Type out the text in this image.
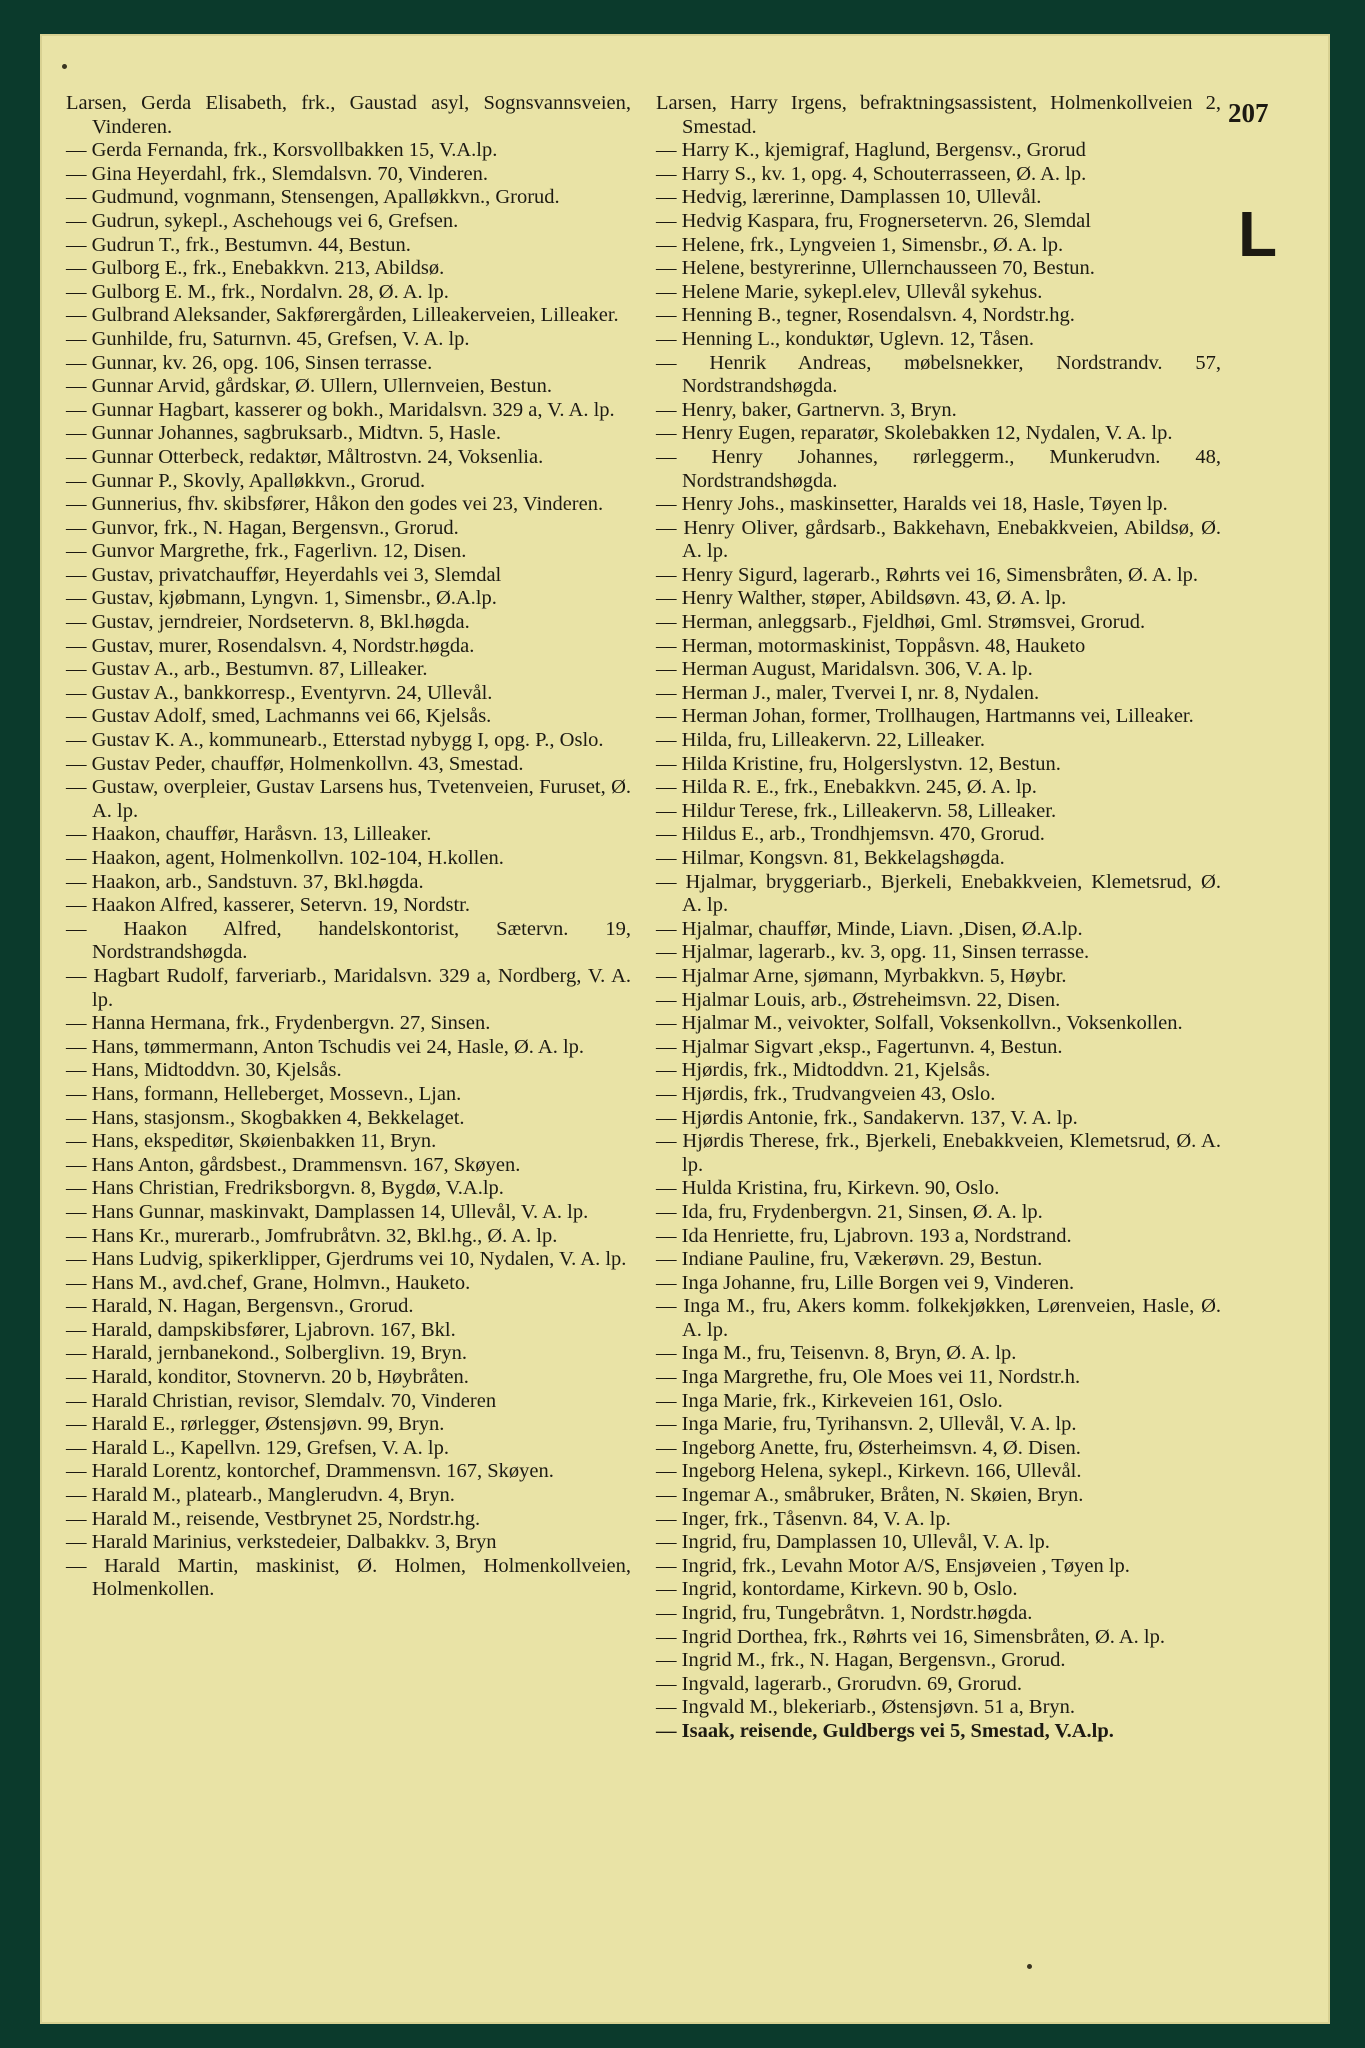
Larsen, Gerda Elisabeth, frk., Gaustad asyl, Sognsvannsveien, Vinderen.
— Gerda Fernanda, frk., Korsvollbakken 15, V.A.lp.
— Gina Heyerdahl, frk., Slemdalsvn. 70, Vinderen.
— Gudmund, vognmann, Stensengen, Apalløkkvn., Grorud.
— Gudrun, sykepl., Aschehougs vei 6, Grefsen.
— Gudrun T., frk., Bestumvn. 44, Bestun.
— Gulborg E., frk., Enebakkvn. 213, Abildsø.
— Gulborg E. M., frk., Nordalvn. 28, Ø. A. lp.
— Gulbrand Aleksander, Sakførergården, Lilleakerveien, Lilleaker.
— Gunhilde, fru, Saturnvn. 45, Grefsen, V. A. lp.
— Gunnar, kv. 26, opg. 106, Sinsen terrasse.
— Gunnar Arvid, gårdskar, Ø. Ullern, Ullernveien, Bestun.
— Gunnar Hagbart, kasserer og bokh., Maridalsvn. 329 a, V. A. lp.
— Gunnar Johannes, sagbruksarb., Midtvn. 5, Hasle.
— Gunnar Otterbeck, redaktør, Måltrostvn. 24, Voksenlia.
— Gunnar P., Skovly, Apalløkkvn., Grorud.
— Gunnerius, fhv. skibsfører, Håkon den godes vei 23, Vinderen.
— Gunvor, frk., N. Hagan, Bergensvn., Grorud.
— Gunvor Margrethe, frk., Fagerlivn. 12, Disen.
— Gustav, privatchauffør, Heyerdahls vei 3, Slemdal
— Gustav, kjøbmann, Lyngvn. 1, Simensbr., Ø.A.lp.
— Gustav, jerndreier, Nordsetervn. 8, Bkl.høgda.
— Gustav, murer, Rosendalsvn. 4, Nordstr.høgda.
— Gustav A., arb., Bestumvn. 87, Lilleaker.
— Gustav A., bankkorresp., Eventyrvn. 24, Ullevål.
— Gustav Adolf, smed, Lachmanns vei 66, Kjelsås.
— Gustav K. A., kommunearb., Etterstad nybygg I, opg. P., Oslo.
— Gustav Peder, chauffør, Holmenkollvn. 43, Smestad.
— Gustaw, overpleier, Gustav Larsens hus, Tvetenveien, Furuset, Ø. A. lp.
— Haakon, chauffør, Haråsvn. 13, Lilleaker.
— Haakon, agent, Holmenkollvn. 102-104, H.kollen.
— Haakon, arb., Sandstuvn. 37, Bkl.høgda.
— Haakon Alfred, kasserer, Setervn. 19, Nordstr.
— Haakon Alfred, handelskontorist, Sætervn. 19, Nordstrandshøgda.
— Hagbart Rudolf, farveriarb., Maridalsvn. 329 a, Nordberg, V. A. lp.
— Hanna Hermana, frk., Frydenbergvn. 27, Sinsen.
— Hans, tømmermann, Anton Tschudis vei 24, Hasle, Ø. A. lp.
— Hans, Midtoddvn. 30, Kjelsås.
— Hans, formann, Helleberget, Mossevn., Ljan.
— Hans, stasjonsm., Skogbakken 4, Bekkelaget.
— Hans, ekspeditør, Skøienbakken 11, Bryn.
— Hans Anton, gårdsbest., Drammensvn. 167, Skøyen.
— Hans Christian, Fredriksborgvn. 8, Bygdø, V.A.lp.
— Hans Gunnar, maskinvakt, Damplassen 14, Ullevål, V. A. lp.
— Hans Kr., murerarb., Jomfrubråtvn. 32, Bkl.hg., Ø. A. lp.
— Hans Ludvig, spikerklipper, Gjerdrums vei 10, Nydalen, V. A. lp.
— Hans M., avd.chef, Grane, Holmvn., Hauketo.
— Harald, N. Hagan, Bergensvn., Grorud.
— Harald, dampskibsfører, Ljabrovn. 167, Bkl.
— Harald, jernbanekond., Solberglivn. 19, Bryn.
— Harald, konditor, Stovnervn. 20 b, Høybråten.
— Harald Christian, revisor, Slemdalv. 70, Vinderen
— Harald E., rørlegger, Østensjøvn. 99, Bryn.
— Harald L., Kapellvn. 129, Grefsen, V. A. lp.
— Harald Lorentz, kontorchef, Drammensvn. 167, Skøyen.
— Harald M., platearb., Manglerudvn. 4, Bryn.
— Harald M., reisende, Vestbrynet 25, Nordstr.hg.
— Harald Marinius, verkstedeier, Dalbakkv. 3, Bryn
— Harald Martin, maskinist, Ø. Holmen, Holmenkollveien, Holmenkollen.
Larsen, Harry Irgens, befraktningsassistent, Holmenkollveien 2, Smestad.
— Harry K., kjemigraf, Haglund, Bergensv., Grorud
— Harry S., kv. 1, opg. 4, Schouterrasseen, Ø. A. lp.
— Hedvig, lærerinne, Damplassen 10, Ullevål.
— Hedvig Kaspara, fru, Frognersetervn. 26, Slemdal
— Helene, frk., Lyngveien 1, Simensbr., Ø. A. lp.
— Helene, bestyrerinne, Ullernchausseen 70, Bestun.
— Helene Marie, sykepl.elev, Ullevål sykehus.
— Henning B., tegner, Rosendalsvn. 4, Nordstr.hg.
— Henning L., konduktør, Uglevn. 12, Tåsen.
— Henrik Andreas, møbelsnekker, Nordstrandv. 57, Nordstrandshøgda.
— Henry, baker, Gartnervn. 3, Bryn.
— Henry Eugen, reparatør, Skolebakken 12, Nydalen, V. A. lp.
— Henry Johannes, rørleggerm., Munkerudvn. 48, Nordstrandshøgda.
— Henry Johs., maskinsetter, Haralds vei 18, Hasle, Tøyen lp.
— Henry Oliver, gårdsarb., Bakkehavn, Enebakkveien, Abildsø, Ø. A. lp.
— Henry Sigurd, lagerarb., Røhrts vei 16, Simensbråten, Ø. A. lp.
— Henry Walther, støper, Abildsøvn. 43, Ø. A. lp.
— Herman, anleggsarb., Fjeldhøi, Gml. Strømsvei, Grorud.
— Herman, motormaskinist, Toppåsvn. 48, Hauketo
— Herman August, Maridalsvn. 306, V. A. lp.
— Herman J., maler, Tvervei I, nr. 8, Nydalen.
— Herman Johan, former, Trollhaugen, Hartmanns vei, Lilleaker.
— Hilda, fru, Lilleakervn. 22, Lilleaker.
— Hilda Kristine, fru, Holgerslystvn. 12, Bestun.
— Hilda R. E., frk., Enebakkvn. 245, Ø. A. lp.
— Hildur Terese, frk., Lilleakervn. 58, Lilleaker.
— Hildus E., arb., Trondhjemsvn. 470, Grorud.
— Hilmar, Kongsvn. 81, Bekkelagshøgda.
— Hjalmar, bryggeriarb., Bjerkeli, Enebakkveien, Klemetsrud, Ø. A. lp.
— Hjalmar, chauffør, Minde, Liavn. ,Disen, Ø.A.lp.
— Hjalmar, lagerarb., kv. 3, opg. 11, Sinsen terrasse.
— Hjalmar Arne, sjømann, Myrbakkvn. 5, Høybr.
— Hjalmar Louis, arb., Østreheimsvn. 22, Disen.
— Hjalmar M., veivokter, Solfall, Voksenkollvn., Voksenkollen.
— Hjalmar Sigvart ,eksp., Fagertunvn. 4, Bestun.
— Hjørdis, frk., Midtoddvn. 21, Kjelsås.
— Hjørdis, frk., Trudvangveien 43, Oslo.
— Hjørdis Antonie, frk., Sandakervn. 137, V. A. lp.
— Hjørdis Therese, frk., Bjerkeli, Enebakkveien, Klemetsrud, Ø. A. lp.
— Hulda Kristina, fru, Kirkevn. 90, Oslo.
— Ida, fru, Frydenbergvn. 21, Sinsen, Ø. A. lp.
— Ida Henriette, fru, Ljabrovn. 193 a, Nordstrand.
— Indiane Pauline, fru, Vækerøvn. 29, Bestun.
— Inga Johanne, fru, Lille Borgen vei 9, Vinderen.
— Inga M., fru, Akers komm. folkekjøkken, Lørenveien, Hasle, Ø. A. lp.
— Inga M., fru, Teisenvn. 8, Bryn, Ø. A. lp.
— Inga Margrethe, fru, Ole Moes vei 11, Nordstr.h.
— Inga Marie, frk., Kirkeveien 161, Oslo.
— Inga Marie, fru, Tyrihansvn. 2, Ullevål, V. A. lp.
— Ingeborg Anette, fru, Østerheimsvn. 4, Ø. Disen.
— Ingeborg Helena, sykepl., Kirkevn. 166, Ullevål.
— Ingemar A., småbruker, Bråten, N. Skøien, Bryn.
— Inger, frk., Tåsenvn. 84, V. A. lp.
— Ingrid, fru, Damplassen 10, Ullevål, V. A. lp.
— Ingrid, frk., Levahn Motor A/S, Ensjøveien , Tøyen lp.
— Ingrid, kontordame, Kirkevn. 90 b, Oslo.
— Ingrid, fru, Tungebråtvn. 1, Nordstr.høgda.
— Ingrid Dorthea, frk., Røhrts vei 16, Simensbråten, Ø. A. lp.
— Ingrid M., frk., N. Hagan, Bergensvn., Grorud.
— Ingvald, lagerarb., Grorudvn. 69, Grorud.
— Ingvald M., blekeriarb., Østensjøvn. 51 a, Bryn.
— Isaak, reisende, Guldbergs vei 5, Smestad, V.A.lp.
207
L
